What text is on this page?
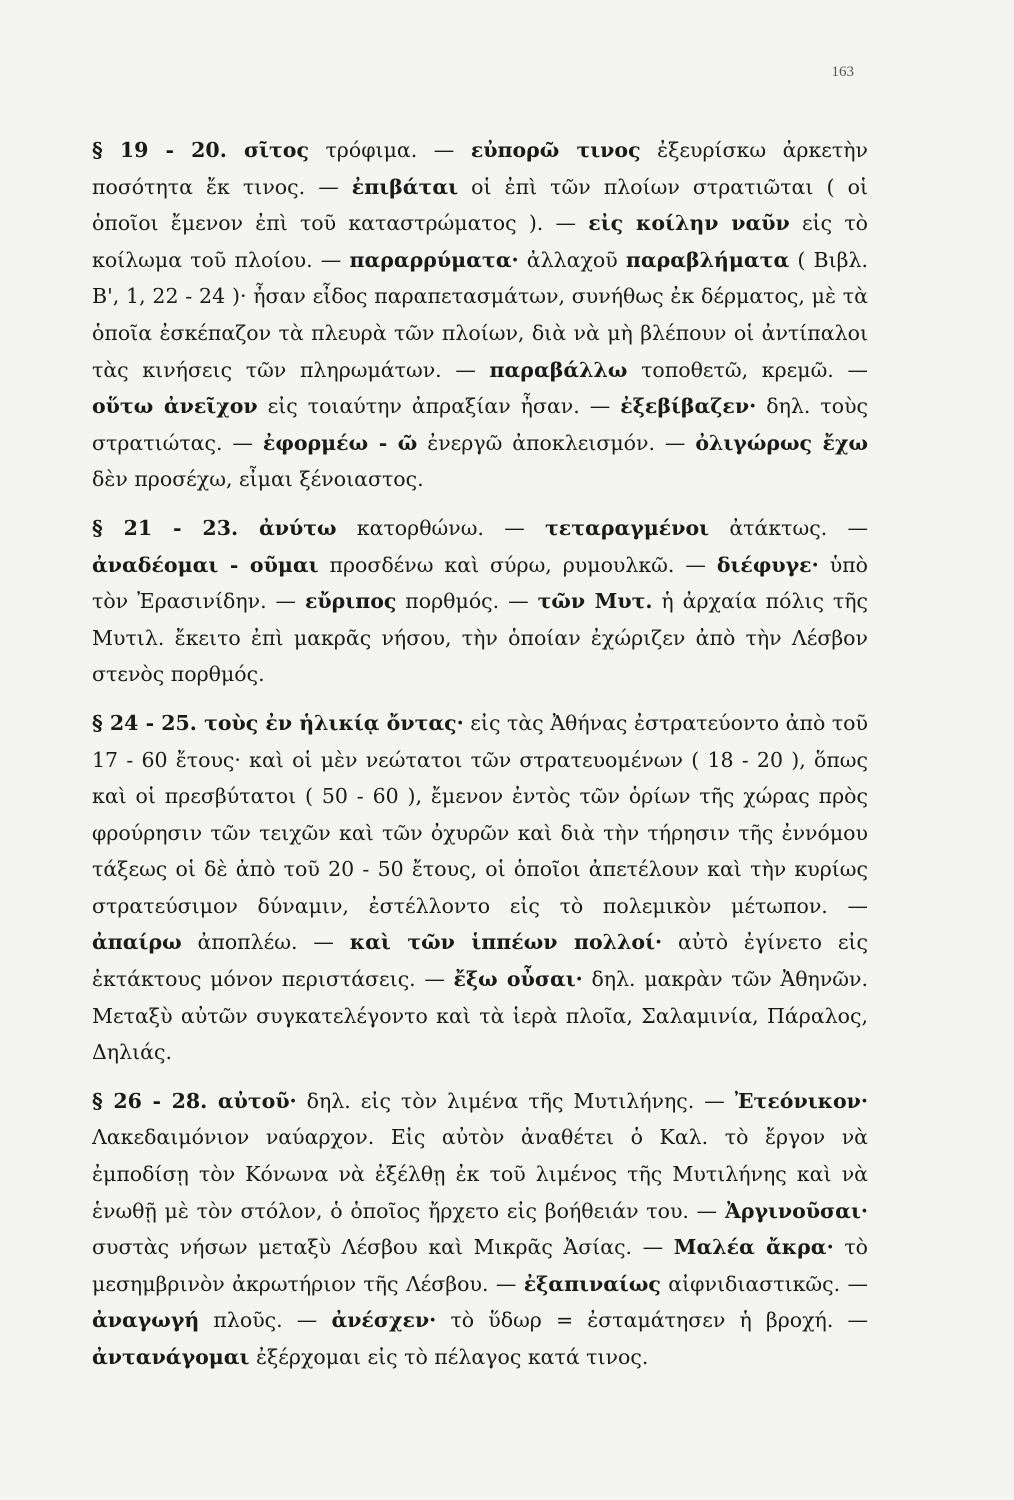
163

§ 19 - 20. σῖτος τρόφιμα. — εὐπορῶ τινος ἐξευρίσκω ἀρκετὴν ποσότητα ἔκ τινος. — ἐπιβάται οἱ ἐπὶ τῶν πλοίων στρατιῶται ( οἱ ὁποῖοι ἔμενον ἐπὶ τοῦ καταστρώματος ). — εἰς κοίλην ναῦν εἰς τὸ κοίλωμα τοῦ πλοίου. — παραρρύματα· ἀλλαχοῦ παραβλήματα ( Βιβλ. Β', 1, 22 - 24 )· ἦσαν εἶδος παραπετασμάτων, συνήθως ἐκ δέρματος, μὲ τὰ ὁποῖα ἐσκέπαζον τὰ πλευρὰ τῶν πλοίων, διὰ νὰ μὴ βλέπουν οἱ ἀντίπαλοι τὰς κινήσεις τῶν πληρωμάτων. — παραβάλλω τοποθετῶ, κρεμῶ. — οὕτω ἀνεῖχον εἰς τοιαύτην ἀπραξίαν ἦσαν. — ἐξεβίβαζεν· δηλ. τοὺς στρατιώτας. — ἐφορμέω - ῶ ἐνεργῶ ἀποκλεισμόν. — ὀλιγώρως ἔχω δὲν προσέχω, εἶμαι ξένοιαστος.

§ 21 - 23. ἀνύτω κατορθώνω. — τεταραγμένοι ἀτάκτως. — ἀναδέομαι - οῦμαι προσδένω καὶ σύρω, ρυμουλκῶ. — διέφυγε· ὑπὸ τὸν Ἐρασινίδην. — εὔριπος πορθμός. — τῶν Μυτ. ἡ ἀρχαία πόλις τῆς Μυτιλ. ἔκειτο ἐπὶ μακρᾶς νήσου, τὴν ὁποίαν ἐχώριζεν ἀπὸ τὴν Λέσβον στενὸς πορθμός.

§ 24 - 25. τοὺς ἐν ἡλικίᾳ ὄντας· εἰς τὰς Ἀθήνας ἐστρατεύοντο ἀπὸ τοῦ 17 - 60 ἔτους· καὶ οἱ μὲν νεώτατοι τῶν στρατευομένων ( 18 - 20 ), ὅπως καὶ οἱ πρεσβύτατοι ( 50 - 60 ), ἔμενον ἐντὸς τῶν ὁρίων τῆς χώρας πρὸς φρούρησιν τῶν τειχῶν καὶ τῶν ὀχυρῶν καὶ διὰ τὴν τήρησιν τῆς ἐννόμου τάξεως οἱ δὲ ἀπὸ τοῦ 20 - 50 ἔτους, οἱ ὁποῖοι ἀπετέλουν καὶ τὴν κυρίως στρατεύσιμον δύναμιν, ἐστέλλοντο εἰς τὸ πολεμικὸν μέτωπον. — ἀπαίρω ἀποπλέω. — καὶ τῶν ἱππέων πολλοί· αὐτὸ ἐγίνετο εἰς ἐκτάκτους μόνον περιστάσεις. — ἔξω οὖσαι· δηλ. μακρὰν τῶν Ἀθηνῶν. Μεταξὺ αὐτῶν συγκατελέγοντο καὶ τὰ ἱερὰ πλοῖα, Σαλαμινία, Πάραλος, Δηλιάς.

§ 26 - 28. αὐτοῦ· δηλ. εἰς τὸν λιμένα τῆς Μυτιλήνης. — Ἐτεόνικον· Λακεδαιμόνιον ναύαρχον. Εἰς αὐτὸν ἀναθέτει ὁ Καλ. τὸ ἔργον νὰ ἐμποδίσῃ τὸν Κόνωνα νὰ ἐξέλθῃ ἐκ τοῦ λιμένος τῆς Μυτιλήνης καὶ νὰ ἑνωθῇ μὲ τὸν στόλον, ὁ ὁποῖος ἤρχετο εἰς βοήθειάν του. — Ἀργινοῦσαι· συστὰς νήσων μεταξὺ Λέσβου καὶ Μικρᾶς Ἀσίας. — Μαλέα ἄκρα· τὸ μεσημβρινὸν ἀκρωτήριον τῆς Λέσβου. — ἐξαπιναίως αἰφνιδιαστικῶς. — ἀναγωγή πλοῦς. — ἀνέσχεν· τὸ ὕδωρ = ἐσταμάτησεν ἡ βροχή. — ἀντανάγομαι ἐξέρχομαι εἰς τὸ πέλαγος κατά τινος.
